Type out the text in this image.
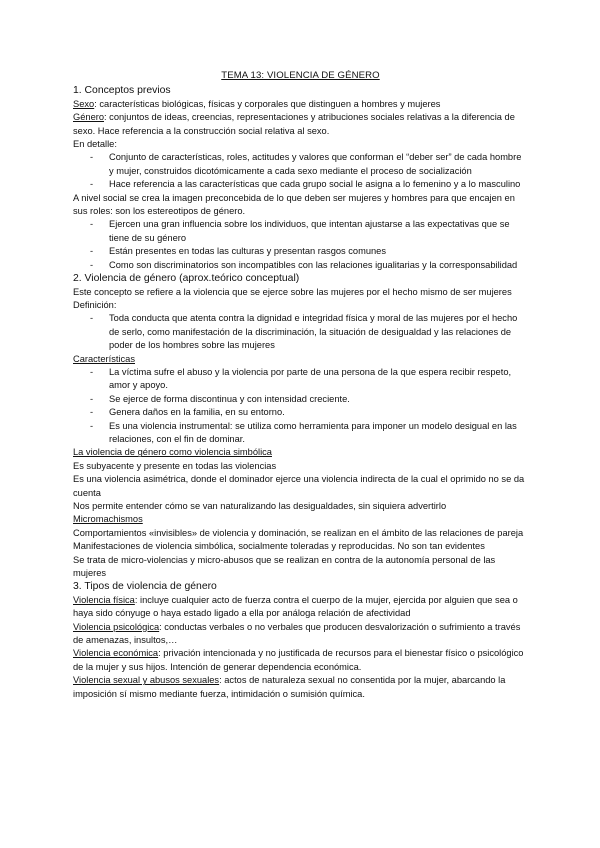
TEMA 13: VIOLENCIA DE GÉNERO

1. Conceptos previos

Sexo: características biológicas, físicas y corporales que distinguen a hombres y mujeres

Género: conjuntos de ideas, creencias, representaciones y atribuciones sociales relativas a la diferencia de sexo. Hace referencia a la construcción social relativa al sexo.

En detalle:

- Conjunto de características, roles, actitudes y valores que conforman el “deber ser” de cada hombre y mujer, construidos dicotómicamente a cada sexo mediante el proceso de socialización
- Hace referencia a las características que cada grupo social le asigna a lo femenino y a lo masculino

A nivel social se crea la imagen preconcebida de lo que deben ser mujeres y hombres para que encajen en sus roles: son los estereotipos de género.

- Ejercen una gran influencia sobre los individuos, que intentan ajustarse a las expectativas que se tiene de su género
- Están presentes en todas las culturas y presentan rasgos comunes
- Como son discriminatorios son incompatibles con las relaciones igualitarias y la corresponsabilidad

2. Violencia de género (aprox.teórico conceptual)

Este concepto se refiere a la violencia que se ejerce sobre las mujeres por el hecho mismo de ser mujeres

Definición:

- Toda conducta que atenta contra la dignidad e integridad física y moral de las mujeres por el hecho de serlo, como manifestación de la discriminación, la situación de desigualdad y las relaciones de poder de los hombres sobre las mujeres

Características

- La víctima sufre el abuso y la violencia por parte de una persona de la que espera recibir respeto, amor y apoyo.
- Se ejerce de forma discontinua y con intensidad creciente.
- Genera daños en la familia, en su entorno.
- Es una violencia instrumental: se utiliza como herramienta para imponer un modelo desigual en las relaciones, con el fin de dominar.

La violencia de género como violencia simbólica

Es subyacente y presente en todas las violencias

Es una violencia asimétrica, donde el dominador ejerce una violencia indirecta de la cual el oprimido no se da cuenta

Nos permite entender cómo se van naturalizando las desigualdades, sin siquiera advertirlo

Micromachismos

Comportamientos «invisibles» de violencia y dominación, se realizan en el ámbito de las relaciones de pareja

Manifestaciones de violencia simbólica, socialmente toleradas y reproducidas. No son tan evidentes

Se trata de micro-violencias y micro-abusos que se realizan en contra de la autonomía personal de las mujeres

3. Tipos de violencia de género

Violencia física: incluye cualquier acto de fuerza contra el cuerpo de la mujer, ejercida por alguien que sea o haya sido cónyuge o haya estado ligado a ella por análoga relación de afectividad

Violencia psicológica: conductas verbales o no verbales que producen desvalorización o sufrimiento a través de amenazas, insultos,…

Violencia económica: privación intencionada y no justificada de recursos para el bienestar físico o psicológico de la mujer y sus hijos. Intención de generar dependencia económica.

Violencia sexual y abusos sexuales: actos de naturaleza sexual no consentida por la mujer, abarcando la imposición sí mismo mediante fuerza, intimidación o sumisión química.
